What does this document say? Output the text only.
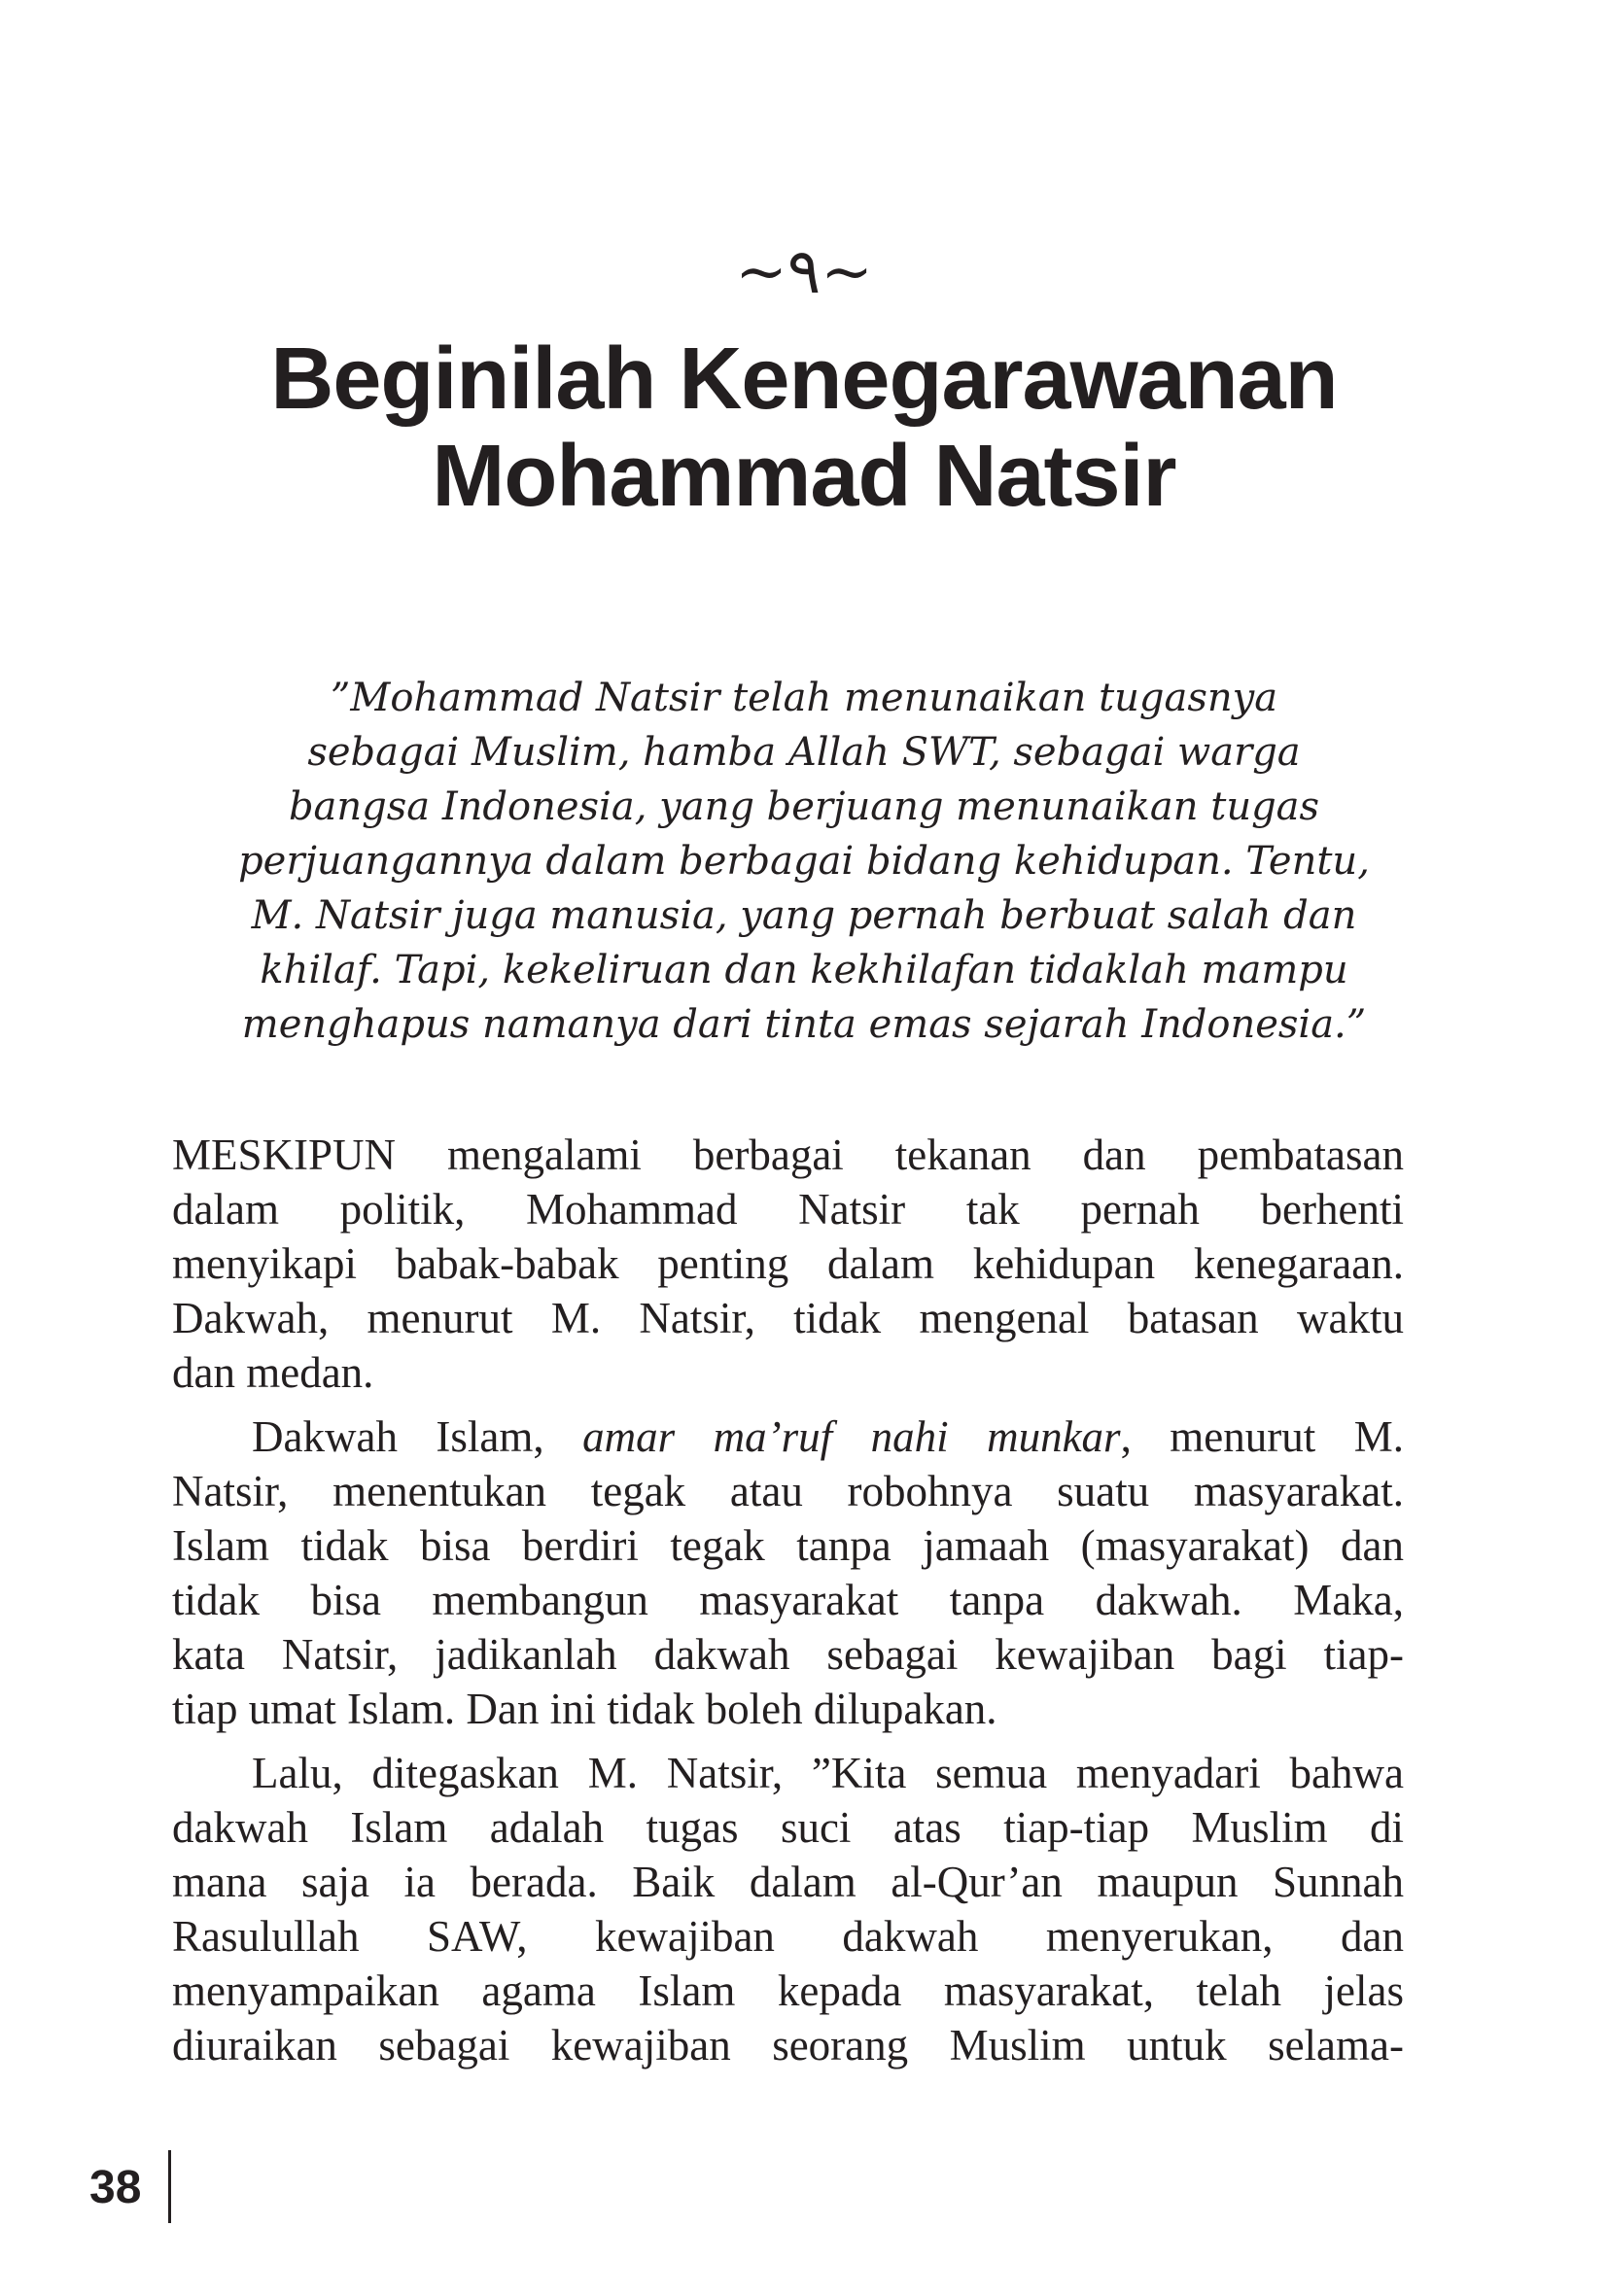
~٩~
Beginilah Kenegarawanan
Mohammad Natsir
”Mohammad Natsir telah menunaikan tugasnya
sebagai Muslim, hamba Allah SWT, sebagai warga
bangsa Indonesia, yang berjuang menunaikan tugas
perjuangannya dalam berbagai bidang kehidupan. Tentu,
M. Natsir juga manusia, yang pernah berbuat salah dan
khilaf. Tapi, kekeliruan dan kekhilafan tidaklah mampu
menghapus namanya dari tinta emas sejarah Indonesia.”
MESKIPUN mengalami berbagai tekanan dan pembatasan
dalam politik, Mohammad Natsir tak pernah berhenti
menyikapi babak-babak penting dalam kehidupan kenegaraan.
Dakwah, menurut M. Natsir, tidak mengenal batasan waktu
dan medan.
Dakwah Islam, amar ma’ruf nahi munkar, menurut M.
Natsir, menentukan tegak atau robohnya suatu masyarakat.
Islam tidak bisa berdiri tegak tanpa jamaah (masyarakat) dan
tidak bisa membangun masyarakat tanpa dakwah. Maka,
kata Natsir, jadikanlah dakwah sebagai kewajiban bagi tiap-
tiap umat Islam. Dan ini tidak boleh dilupakan.
Lalu, ditegaskan M. Natsir, ”Kita semua menyadari bahwa
dakwah Islam adalah tugas suci atas tiap-tiap Muslim di
mana saja ia berada. Baik dalam al-Qur’an maupun Sunnah
Rasulullah SAW, kewajiban dakwah menyerukan, dan
menyampaikan agama Islam kepada masyarakat, telah jelas
diuraikan sebagai kewajiban seorang Muslim untuk selama-
38
